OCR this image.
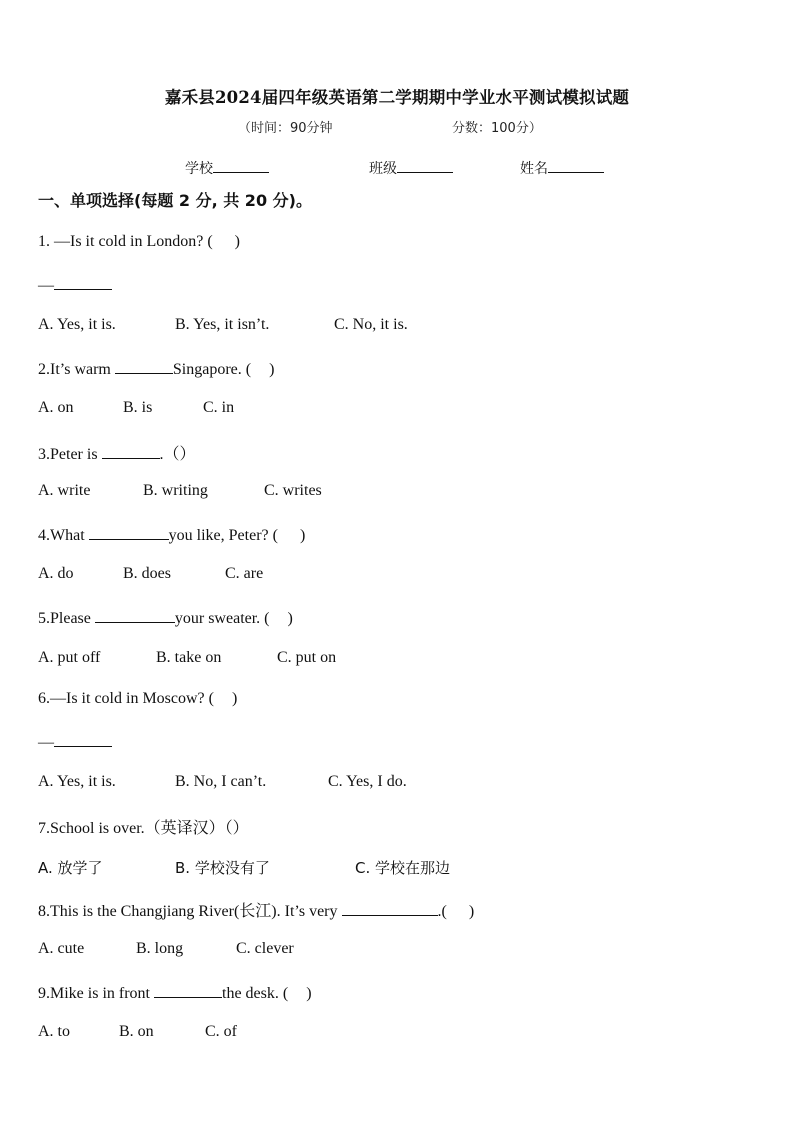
嘉禾县2024届四年级英语第二学期期中学业水平测试模拟试题
（时间：90分钟	分数：100分）
学校	班级	姓名
一、单项选择(每题 2 分, 共 20 分)。
1. —Is it cold in London? ( )
—
A. Yes, it is.	B. Yes, it isn’t.	C. No, it is.
2.It’s warm	Singapore. ( )
A. on	B. is	C. in
3.Peter is	.（）
A. write	B. writing	C. writes
4.What	you like, Peter? ( )
A. do	B. does	C. are
5.Please	your sweater. ( )
A. put off	B. take on	C. put on
6.—Is it cold in Moscow? ( )
—
A. Yes, it is.	B. No, I can’t.	C. Yes, I do.
7.School is over.（英译汉）（）
A. 放学了	B. 学校没有了	C. 学校在那边
8.This is the Changjiang River(长江). It’s very	.( )
A. cute	B. long	C. clever
9.Mike is in front	the desk. ( )
A. to	B. on	C. of
